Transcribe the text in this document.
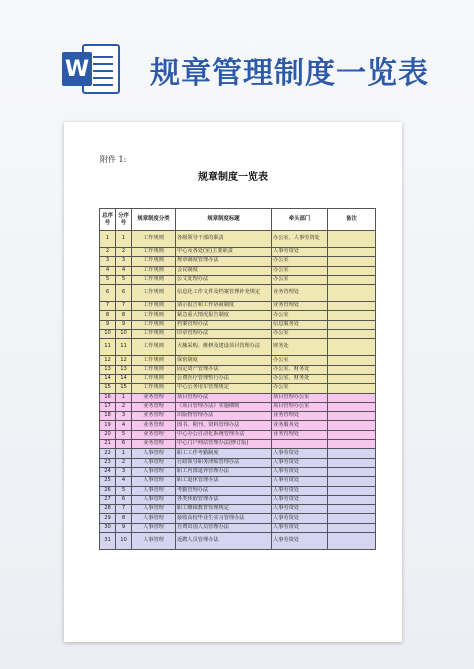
W 规章管理制度一览表
附件 1:
规章制度一览表
总序号	分序号	规章制度分类	规章制度标题	牵头部门	备注
1	1	工作规则	各级领导干部的职责	办公室、人事劳资处	
2	2	工作规则	中心及各处(室)主要职责	人事劳资处	
3	3	工作规则	规章制度管理办法	办公室	
4	4	工作规则	会议制度	办公室	
5	5	工作规则	公文处理办法	办公室	
6	6	工作规则	信息化工作文件及档案管理补充规定	业务管理处	
7	7	工作规则	请示报告和工作协商制度	业务管理处	
8	8	工作规则	紧急重大情况报告制度	办公室	
9	9	工作规则	档案管理办法	信息服务处	
10	10	工作规则	印章管理办法	办公室	
11	11	工作规则	大额采购、维修及建设项目管理办法	财务处	
12	12	工作规则	保密制度	办公室	
13	13	工作规则	固定资产管理办法	办公室、财务处	
14	14	工作规则	公费医疗管理暂行办法	办公室、财务处	
15	15	工作规则	中心公务用车管理规定	办公室	
16	1	业务管理	项目管理办法	项目管理办公室	
17	2	业务管理	《项目管理办法》实施细则	项目管理办公室	
18	3	业务管理	出版物管理办法	业务管理处	
19	4	业务管理	图书、期刊、资料管理办法	业务服务处	
20	5	业务管理	中心办公自动化系统管理办法	业务管理处	
21	6	业务管理	中心门户网站管理办法(修订版)		
22	1	人事管理	职工工作考勤制度	人事劳资处	
23	2	人事管理	行政领导职务津贴管理办法	人事劳资处	
24	3	人事管理	职工内部退养管理办法	人事劳资处	
25	4	人事管理	职工退休管理办法	人事劳资处	
26	5	人事管理	考勤管理办法	人事劳资处	
27	6	人事管理	各类休假管理办法	人事劳资处	
28	7	人事管理	职工继续教育管理规定	人事劳资处	
29	8	人事管理	接收高校毕业生实习管理办法	人事劳资处	
30	9	人事管理	自费出国人员管理办法	人事劳资处	
31	10	人事管理	返聘人员管理办法	人事劳资处	
